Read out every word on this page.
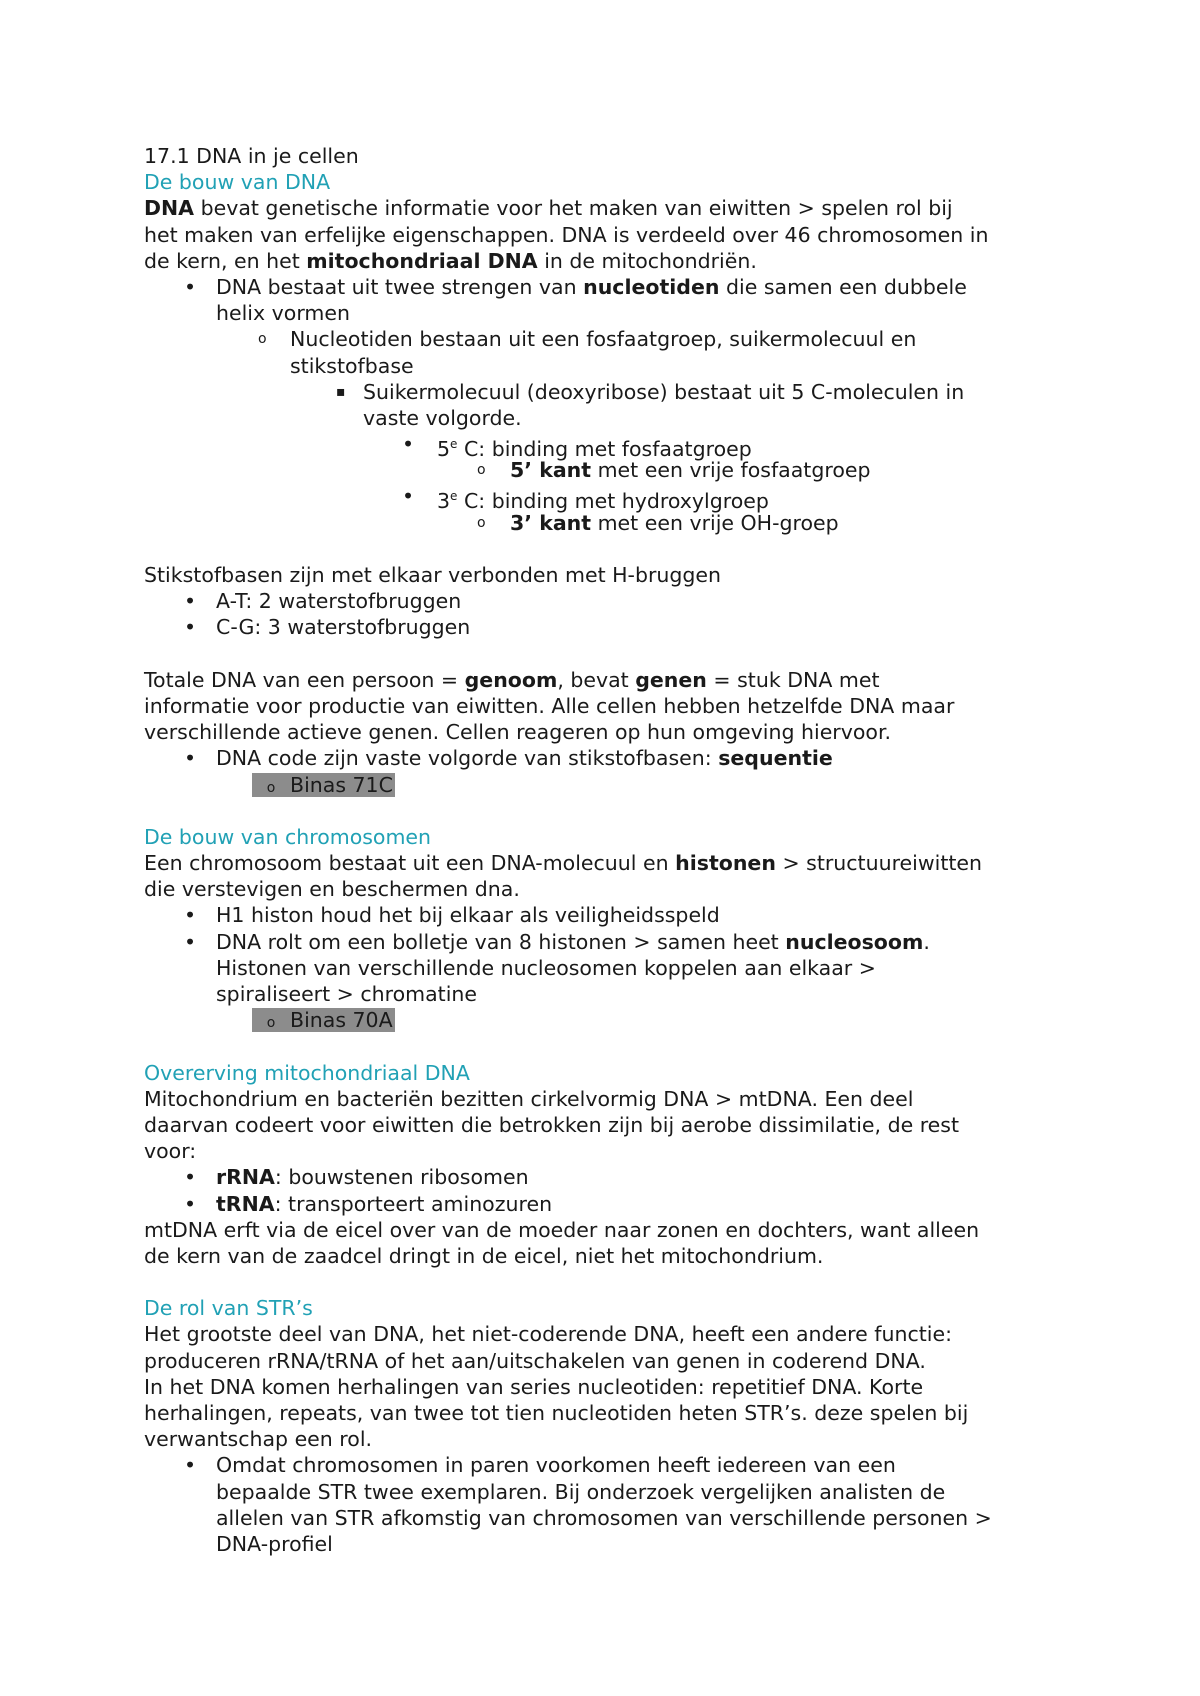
17.1 DNA in je cellen
De bouw van DNA
DNA bevat genetische informatie voor het maken van eiwitten > spelen rol bij
het maken van erfelijke eigenschappen. DNA is verdeeld over 46 chromosomen in
de kern, en het mitochondriaal DNA in de mitochondriën.
• DNA bestaat uit twee strengen van nucleotiden die samen een dubbele
helix vormen
o Nucleotiden bestaan uit een fosfaatgroep, suikermolecuul en
stikstofbase
▪ Suikermolecuul (deoxyribose) bestaat uit 5 C-moleculen in
vaste volgorde.
• 5e C: binding met fosfaatgroep
o 5’ kant met een vrije fosfaatgroep
• 3e C: binding met hydroxylgroep
o 3’ kant met een vrije OH-groep
Stikstofbasen zijn met elkaar verbonden met H-bruggen
• A-T: 2 waterstofbruggen
• C-G: 3 waterstofbruggen
Totale DNA van een persoon = genoom, bevat genen = stuk DNA met
informatie voor productie van eiwitten. Alle cellen hebben hetzelfde DNA maar
verschillende actieve genen. Cellen reageren op hun omgeving hiervoor.
• DNA code zijn vaste volgorde van stikstofbasen: sequentie
o Binas 71C
De bouw van chromosomen
Een chromosoom bestaat uit een DNA-molecuul en histonen > structuureiwitten
die verstevigen en beschermen dna.
• H1 histon houd het bij elkaar als veiligheidsspeld
• DNA rolt om een bolletje van 8 histonen > samen heet nucleosoom.
Histonen van verschillende nucleosomen koppelen aan elkaar >
spiraliseert > chromatine
o Binas 70A
Overerving mitochondriaal DNA
Mitochondrium en bacteriën bezitten cirkelvormig DNA > mtDNA. Een deel
daarvan codeert voor eiwitten die betrokken zijn bij aerobe dissimilatie, de rest
voor:
• rRNA: bouwstenen ribosomen
• tRNA: transporteert aminozuren
mtDNA erft via de eicel over van de moeder naar zonen en dochters, want alleen
de kern van de zaadcel dringt in de eicel, niet het mitochondrium.
De rol van STR’s
Het grootste deel van DNA, het niet-coderende DNA, heeft een andere functie:
produceren rRNA/tRNA of het aan/uitschakelen van genen in coderend DNA.
In het DNA komen herhalingen van series nucleotiden: repetitief DNA. Korte
herhalingen, repeats, van twee tot tien nucleotiden heten STR’s. deze spelen bij
verwantschap een rol.
• Omdat chromosomen in paren voorkomen heeft iedereen van een
bepaalde STR twee exemplaren. Bij onderzoek vergelijken analisten de
allelen van STR afkomstig van chromosomen van verschillende personen >
DNA-profiel
